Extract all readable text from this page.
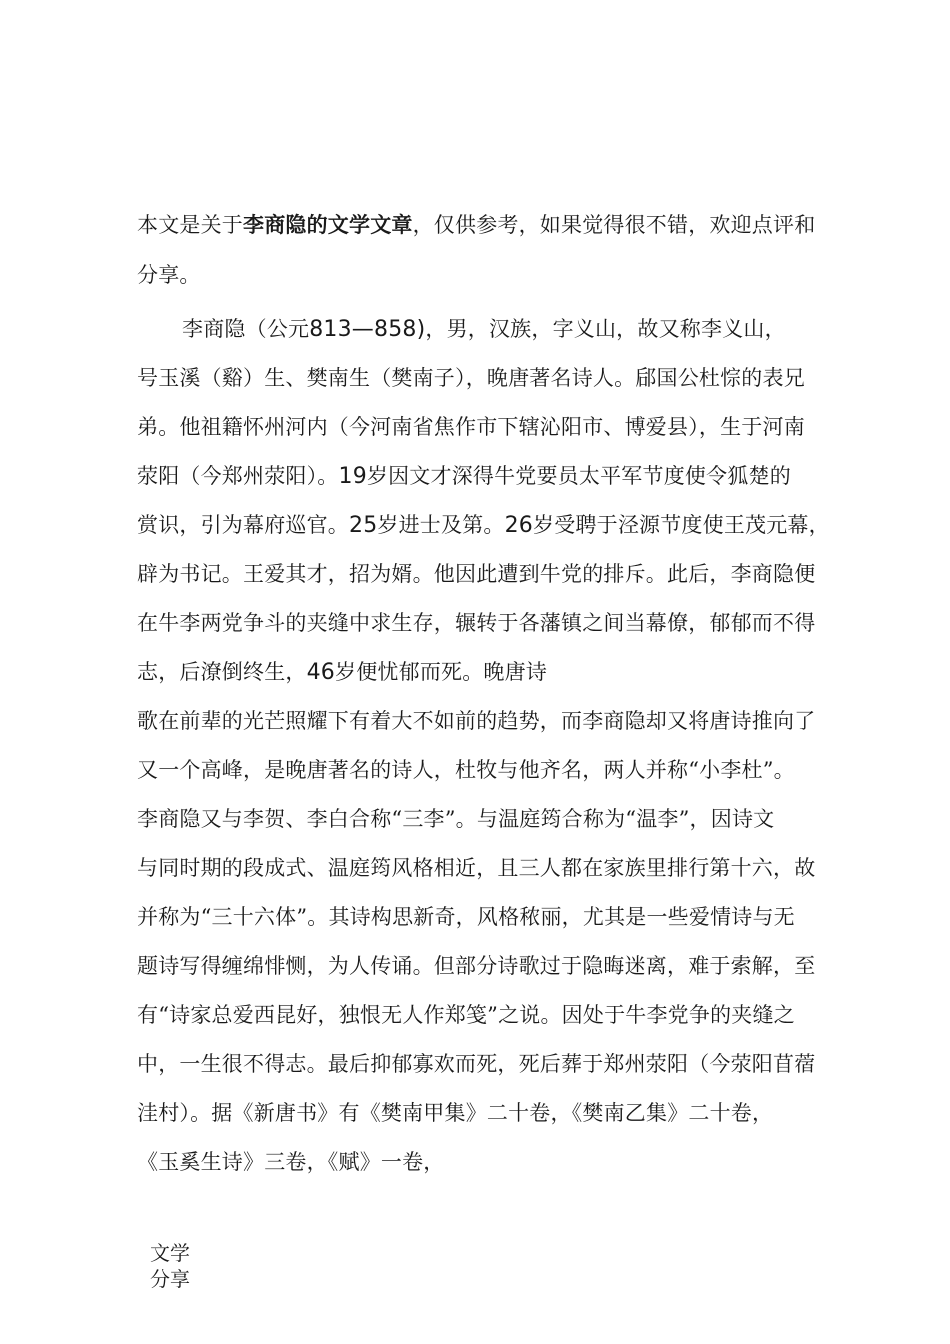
本文是关于李商隐的文学文章，仅供参考，如果觉得很不错，欢迎点评和
分享。
李商隐（公元813—858)，男，汉族，字义山，故又称李义山，
号玉溪（谿）生、樊南生（樊南子），晚唐著名诗人。郈国公杜悰的表兄
弟。他祖籍怀州河内（今河南省焦作市下辖沁阳市、博爱县），生于河南
荥阳（今郑州荥阳）。19岁因文才深得牛党要员太平军节度使令狐楚的
赏识，引为幕府巡官。25岁进士及第。26岁受聘于泾源节度使王茂元幕，
辟为书记。王爱其才，招为婿。他因此遭到牛党的排斥。此后，李商隐便
在牛李两党争斗的夹缝中求生存，辗转于各藩镇之间当幕僚，郁郁而不得
志，后潦倒终生，46岁便忧郁而死。晚唐诗
歌在前辈的光芒照耀下有着大不如前的趋势，而李商隐却又将唐诗推向了
又一个高峰，是晚唐著名的诗人，杜牧与他齐名，两人并称“小李杜”。
李商隐又与李贺、李白合称“三李”。与温庭筠合称为“温李”，因诗文
与同时期的段成式、温庭筠风格相近，且三人都在家族里排行第十六，故
并称为“三十六体”。其诗构思新奇，风格秾丽，尤其是一些爱情诗与无
题诗写得缠绵悱恻，为人传诵。但部分诗歌过于隐晦迷离，难于索解，至
有“诗家总爱西昆好，独恨无人作郑笺”之说。因处于牛李党争的夹缝之
中，一生很不得志。最后抑郁寡欢而死，死后葬于郑州荥阳（今荥阳苜蓿
洼村）。据《新唐书》有《樊南甲集》二十卷，《樊南乙集》二十卷，
《玉奚生诗》三卷，《赋》一卷，
文学
分享
